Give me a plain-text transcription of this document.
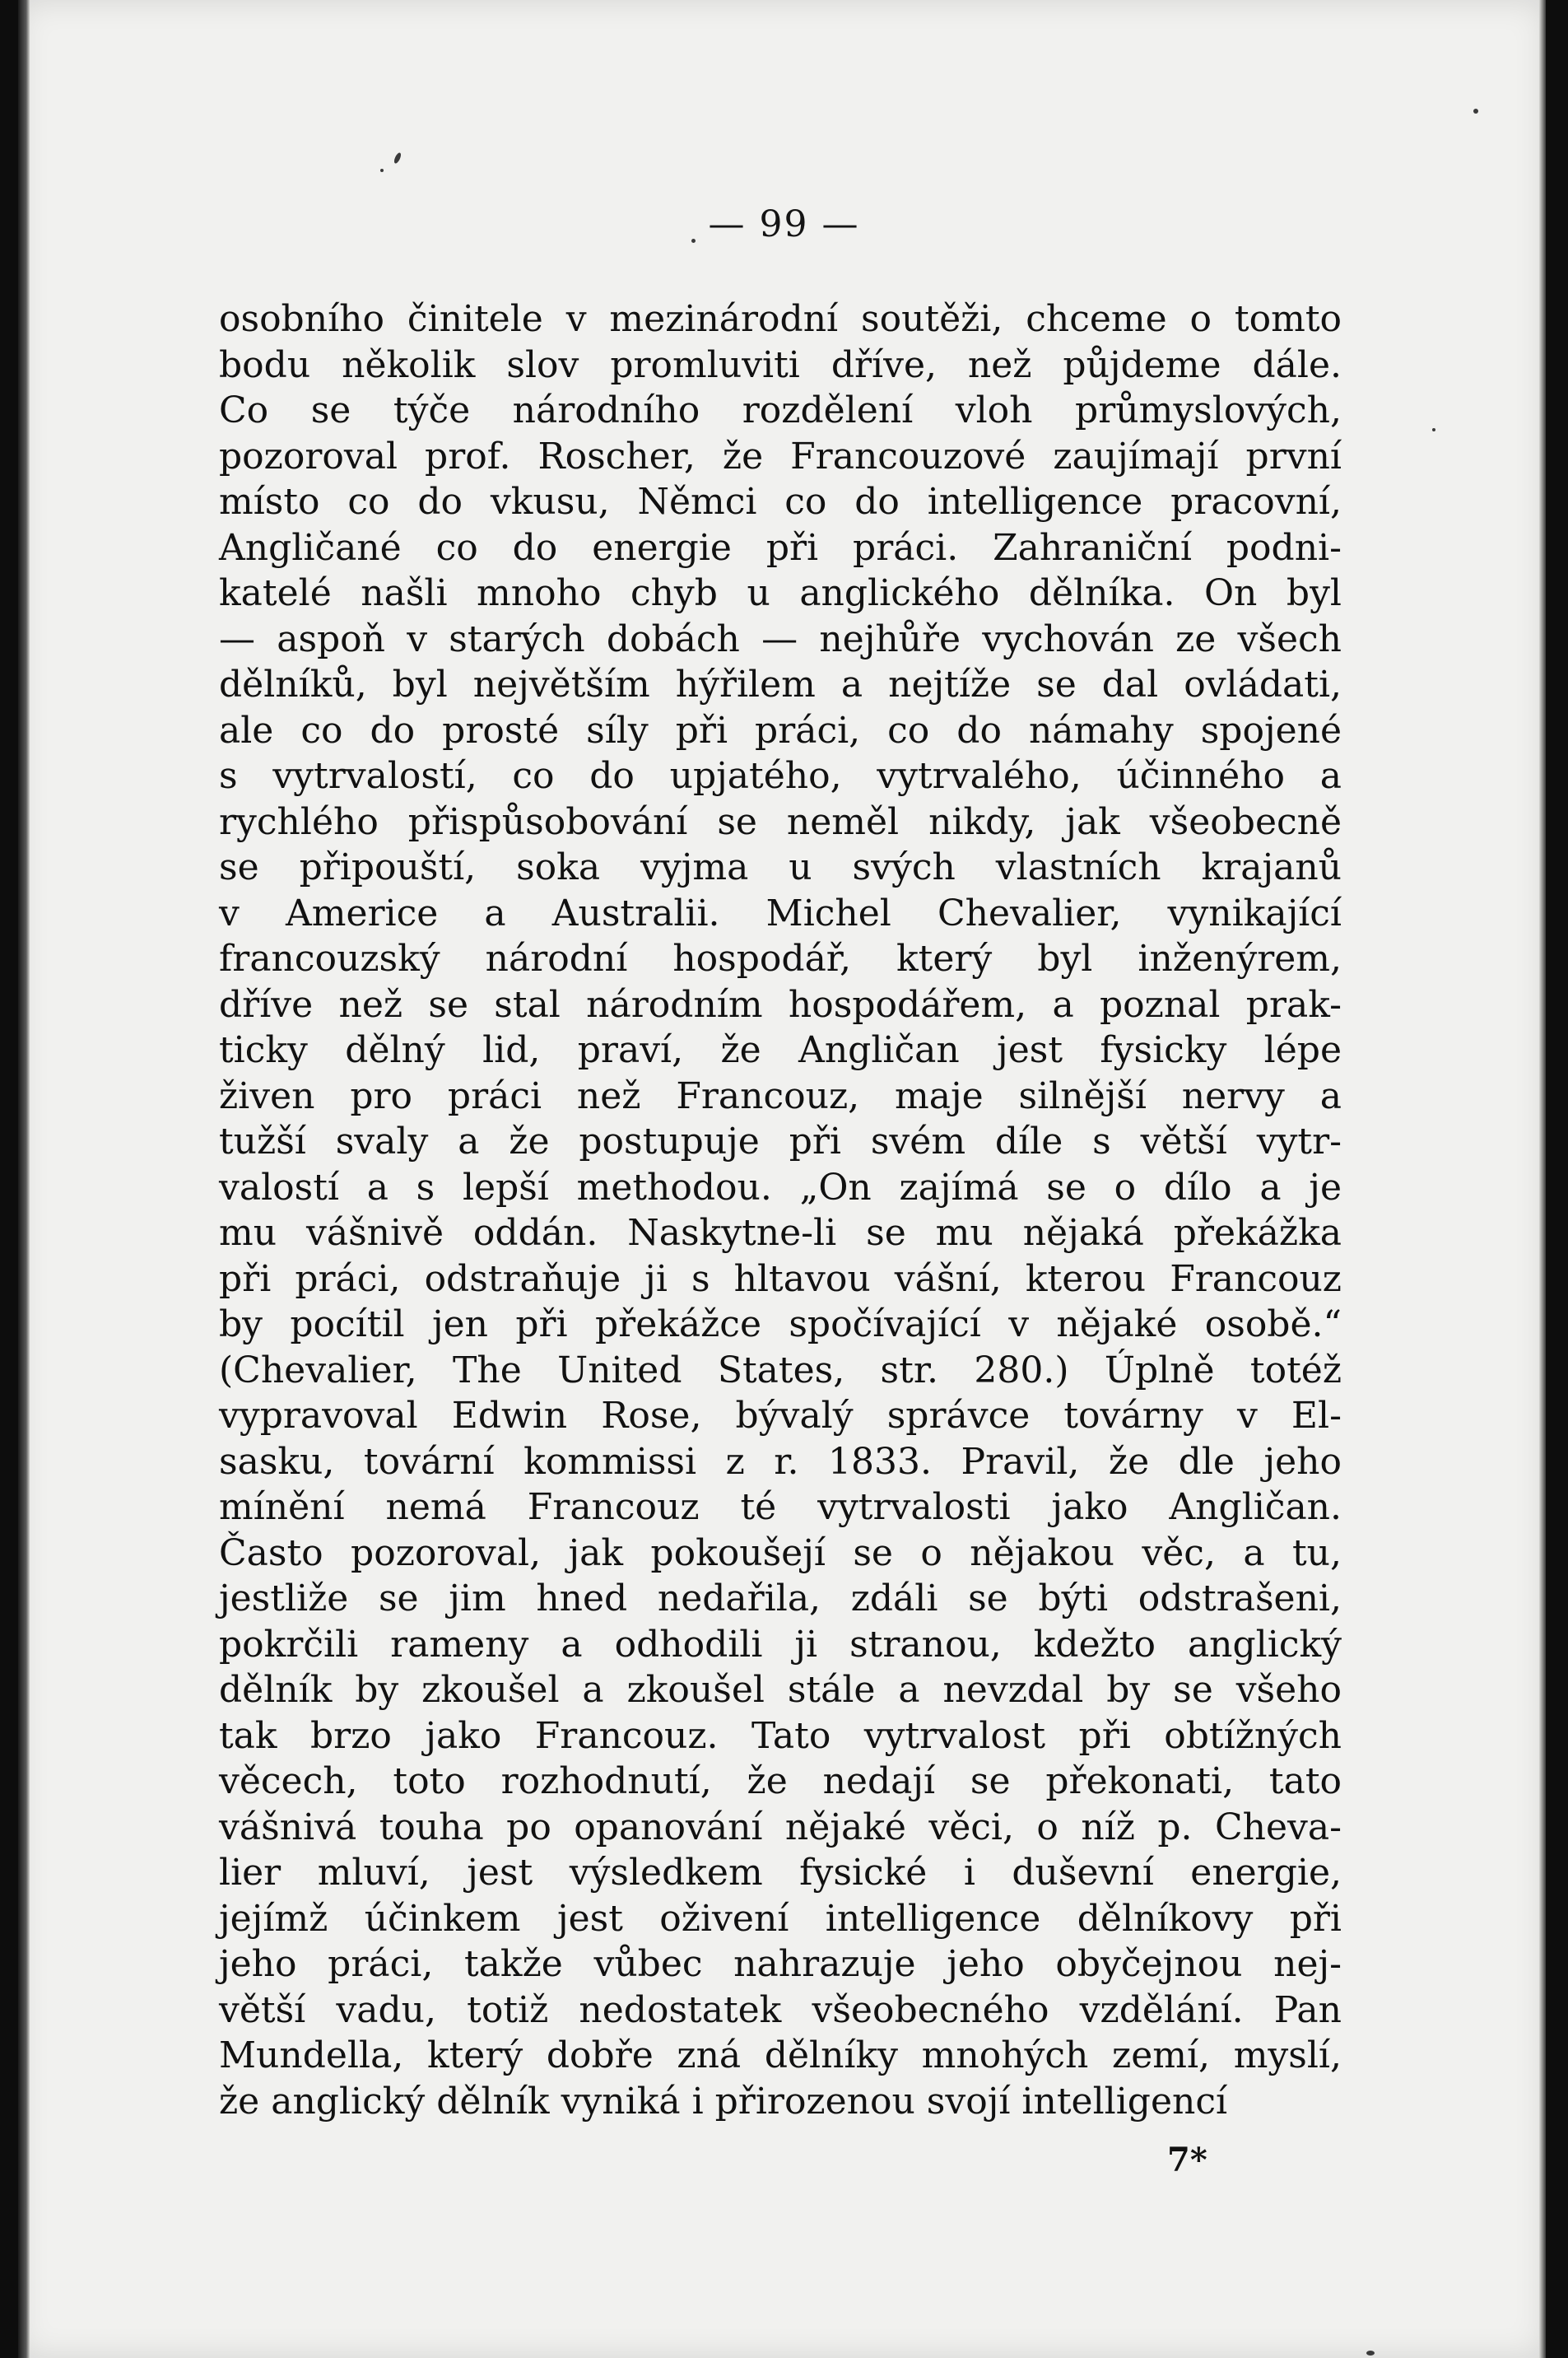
— 99 —
osobního činitele v mezinárodní soutěži, chceme o tomto
bodu několik slov promluviti dříve, než půjdeme dále.
Co se týče národního rozdělení vloh průmyslových,
pozoroval prof. Roscher, že Francouzové zaujímají první
místo co do vkusu, Němci co do intelligence pracovní,
Angličané co do energie při práci. Zahraniční podni-
katelé našli mnoho chyb u anglického dělníka. On byl
— aspoň v starých dobách — nejhůře vychován ze všech
dělníků, byl největším hýřilem a nejtíže se dal ovládati,
ale co do prosté síly při práci, co do námahy spojené
s vytrvalostí, co do upjatého, vytrvalého, účinného a
rychlého přispůsobování se neměl nikdy, jak všeobecně
se připouští, soka vyjma u svých vlastních krajanů
v Americe a Australii. Michel Chevalier, vynikající
francouzský národní hospodář, který byl inženýrem,
dříve než se stal národním hospodářem, a poznal prak-
ticky dělný lid, praví, že Angličan jest fysicky lépe
živen pro práci než Francouz, maje silnější nervy a
tužší svaly a že postupuje při svém díle s větší vytr-
valostí a s lepší methodou. „On zajímá se o dílo a je
mu vášnivě oddán. Naskytne-li se mu nějaká překážka
při práci, odstraňuje ji s hltavou vášní, kterou Francouz
by pocítil jen při překážce spočívající v nějaké osobě.“
(Chevalier, The United States, str. 280.) Úplně totéž
vypravoval Edwin Rose, bývalý správce továrny v El-
sasku, tovární kommissi z r. 1833. Pravil, že dle jeho
mínění nemá Francouz té vytrvalosti jako Angličan.
Často pozoroval, jak pokoušejí se o nějakou věc, a tu,
jestliže se jim hned nedařila, zdáli se býti odstrašeni,
pokrčili rameny a odhodili ji stranou, kdežto anglický
dělník by zkoušel a zkoušel stále a nevzdal by se všeho
tak brzo jako Francouz. Tato vytrvalost při obtížných
věcech, toto rozhodnutí, že nedají se překonati, tato
vášnivá touha po opanování nějaké věci, o níž p. Cheva-
lier mluví, jest výsledkem fysické i duševní energie,
jejímž účinkem jest oživení intelligence dělníkovy při
jeho práci, takže vůbec nahrazuje jeho obyčejnou nej-
větší vadu, totiž nedostatek všeobecného vzdělání. Pan
Mundella, který dobře zná dělníky mnohých zemí, myslí,
že anglický dělník vyniká i přirozenou svojí intelligencí
7*
